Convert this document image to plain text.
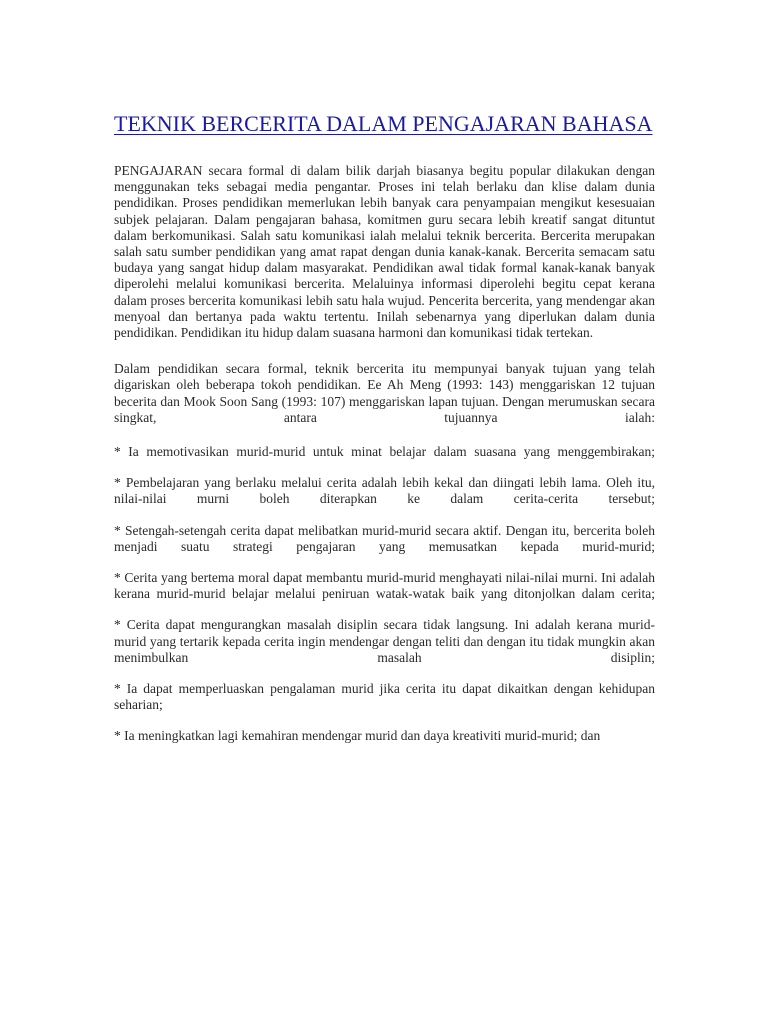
TEKNIK BERCERITA DALAM PENGAJARAN BAHASA

PENGAJARAN secara formal di dalam bilik darjah biasanya begitu popular dilakukan dengan menggunakan teks sebagai media pengantar. Proses ini telah berlaku dan klise dalam dunia pendidikan. Proses pendidikan memerlukan lebih banyak cara penyampaian mengikut kesesuaian subjek pelajaran. Dalam pengajaran bahasa, komitmen guru secara lebih kreatif sangat dituntut dalam berkomunikasi. Salah satu komunikasi ialah melalui teknik bercerita. Bercerita merupakan salah satu sumber pendidikan yang amat rapat dengan dunia kanak-kanak. Bercerita semacam satu budaya yang sangat hidup dalam masyarakat. Pendidikan awal tidak formal kanak-kanak banyak diperolehi melalui komunikasi bercerita. Melaluinya informasi diperolehi begitu cepat kerana dalam proses bercerita komunikasi lebih satu hala wujud. Pencerita bercerita, yang mendengar akan menyoal dan bertanya pada waktu tertentu. Inilah sebenarnya yang diperlukan dalam dunia pendidikan. Pendidikan itu hidup dalam suasana harmoni dan komunikasi tidak tertekan.

Dalam pendidikan secara formal, teknik bercerita itu mempunyai banyak tujuan yang telah digariskan oleh beberapa tokoh pendidikan. Ee Ah Meng (1993: 143) menggariskan 12 tujuan becerita dan Mook Soon Sang (1993: 107) menggariskan lapan tujuan. Dengan merumuskan secara singkat, antara tujuannya ialah:

* Ia memotivasikan murid-murid untuk minat belajar dalam suasana yang menggembirakan;

* Pembelajaran yang berlaku melalui cerita adalah lebih kekal dan diingati lebih lama. Oleh itu, nilai-nilai murni boleh diterapkan ke dalam cerita-cerita tersebut;

* Setengah-setengah cerita dapat melibatkan murid-murid secara aktif. Dengan itu, bercerita boleh menjadi suatu strategi pengajaran yang memusatkan kepada murid-murid;

* Cerita yang bertema moral dapat membantu murid-murid menghayati nilai-nilai murni. Ini adalah kerana murid-murid belajar melalui peniruan watak-watak baik yang ditonjolkan dalam cerita;

* Cerita dapat mengurangkan masalah disiplin secara tidak langsung. Ini adalah kerana murid-murid yang tertarik kepada cerita ingin mendengar dengan teliti dan dengan itu tidak mungkin akan menimbulkan masalah disiplin;

* Ia dapat memperluaskan pengalaman murid jika cerita itu dapat dikaitkan dengan kehidupan seharian;

* Ia meningkatkan lagi kemahiran mendengar murid dan daya kreativiti murid-murid; dan
